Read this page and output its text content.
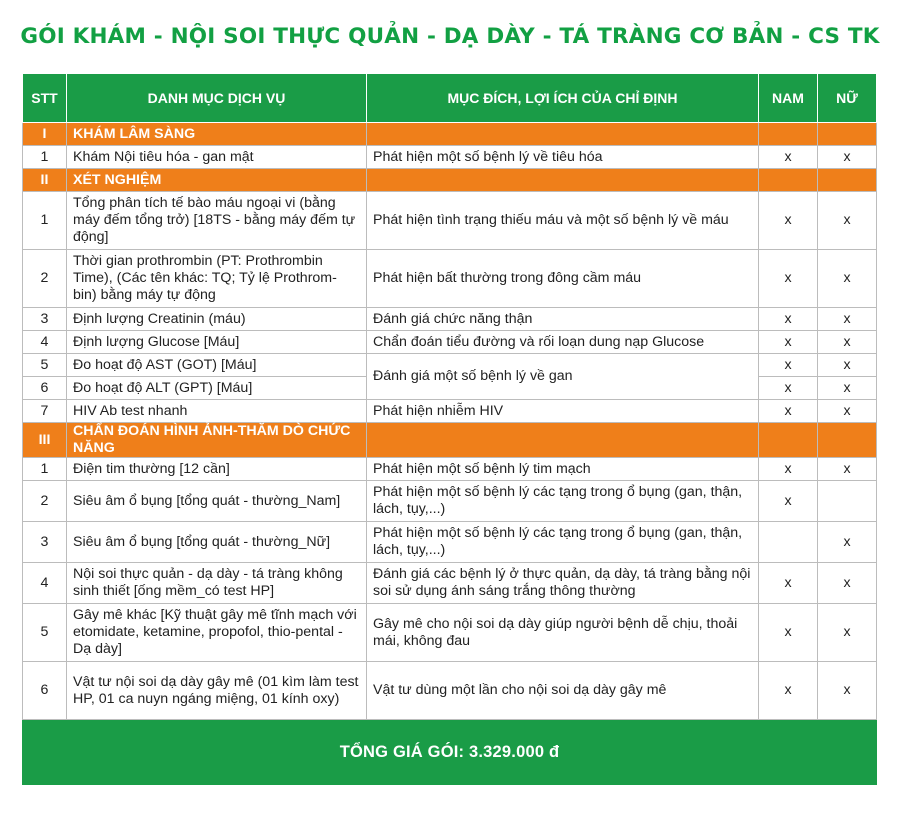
GÓI KHÁM - NỘI SOI THỰC QUẢN - DẠ DÀY - TÁ TRÀNG CƠ BẢN - CS TK
STT	DANH MỤC DỊCH VỤ	MỤC ĐÍCH, LỢI ÍCH CỦA CHỈ ĐỊNH	NAM	NỮ
I	KHÁM LÂM SÀNG			
1	Khám Nội tiêu hóa - gan mật	Phát hiện một số bệnh lý về tiêu hóa	x	x
II	XÉT NGHIỆM			
1	Tổng phân tích tế bào máu ngoại vi (bằng máy đếm tổng trở) [18TS - bằng máy đếm tự động]	Phát hiện tình trạng thiếu máu và một số bệnh lý về máu	x	x
2	Thời gian prothrombin (PT: Prothrombin Time), (Các tên khác: TQ; Tỷ lệ Prothrom-bin) bằng máy tự động	Phát hiện bất thường trong đông cầm máu	x	x
3	Định lượng Creatinin (máu)	Đánh giá chức năng thận	x	x
4	Định lượng Glucose [Máu]	Chẩn đoán tiểu đường và rối loạn dung nạp Glucose	x	x
5	Đo hoạt độ AST (GOT) [Máu]	Đánh giá một số bệnh lý về gan	x	x
6	Đo hoạt độ ALT (GPT) [Máu]		x	x
7	HIV Ab test nhanh	Phát hiện nhiễm HIV	x	x
III	CHẨN ĐOÁN HÌNH ẢNH-THĂM DÒ CHỨC NĂNG			
1	Điện tim thường [12 cần]	Phát hiện một số bệnh lý tim mạch	x	x
2	Siêu âm ổ bụng [tổng quát - thường_Nam]	Phát hiện một số bệnh lý các tạng trong ổ bụng (gan, thận, lách, tụy,...)	x	
3	Siêu âm ổ bụng [tổng quát - thường_Nữ]	Phát hiện một số bệnh lý các tạng trong ổ bụng (gan, thận, lách, tụy,...)		x
4	Nội soi thực quản - dạ dày - tá tràng không sinh thiết [ống mềm_có test HP]	Đánh giá các bệnh lý ở thực quản, dạ dày, tá tràng bằng nội soi sử dụng ánh sáng trắng thông thường	x	x
5	Gây mê khác [Kỹ thuật gây mê tĩnh mạch với etomidate, ketamine, propofol, thio-pental - Dạ dày]	Gây mê cho nội soi dạ dày giúp người bệnh dễ chịu, thoải mái, không đau	x	x
6	Vật tư nội soi dạ dày gây mê (01 kìm làm test HP, 01 ca nuyn ngáng miệng, 01 kính oxy)	Vật tư dùng một lần cho nội soi dạ dày gây mê	x	x
TỔNG GIÁ GÓI: 3.329.000 đ				
